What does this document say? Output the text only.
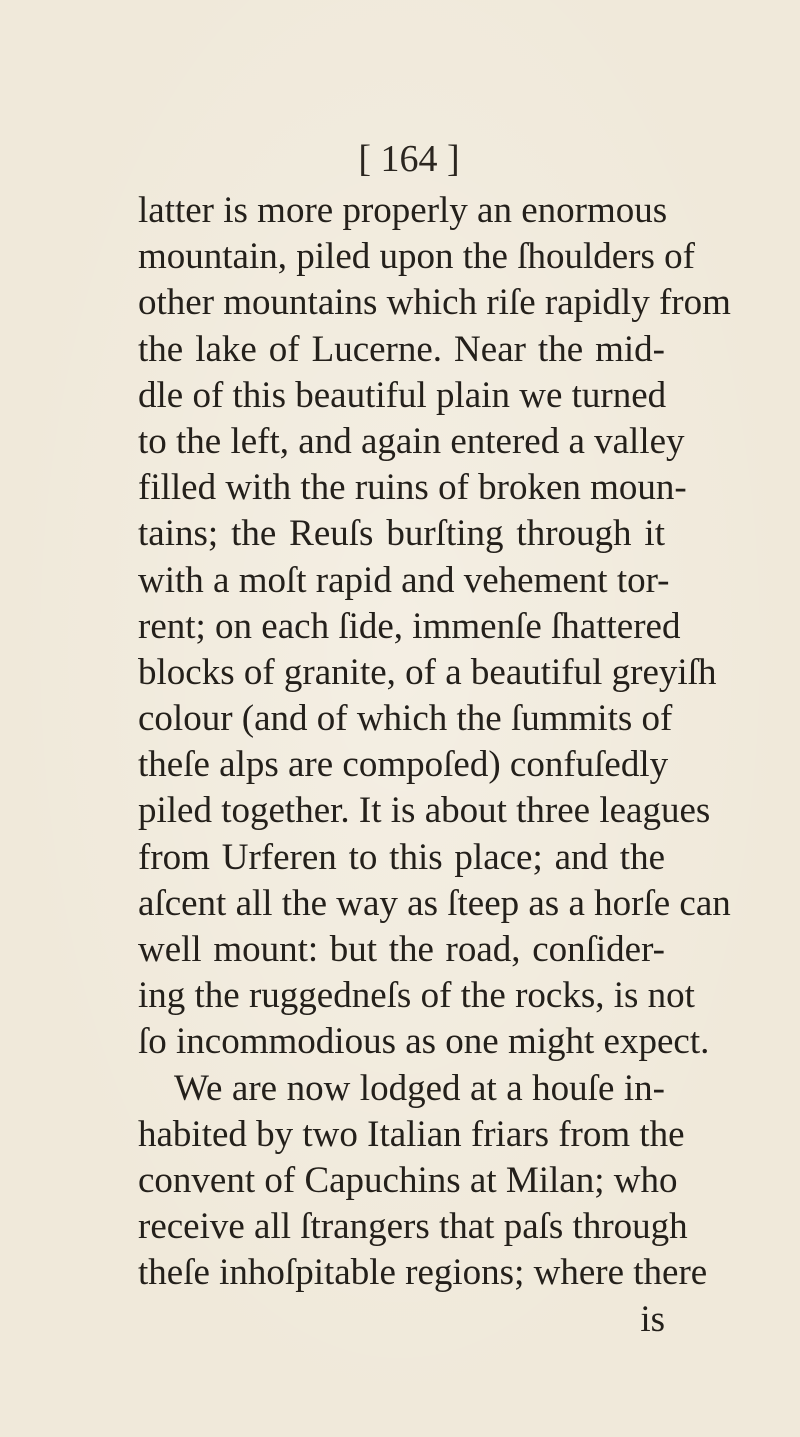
[ 164 ]
latter is more properly an enormous
mountain, piled upon the ſhoulders of
other mountains which riſe rapidly from
the lake of Lucerne. Near the mid-
dle of this beautiful plain we turned
to the left, and again entered a valley
filled with the ruins of broken moun-
tains; the Reuſs burſting through it
with a moſt rapid and vehement tor-
rent; on each ſide, immenſe ſhattered
blocks of granite, of a beautiful greyiſh
colour (and of which the ſummits of
theſe alps are compoſed) confuſedly
piled together. It is about three leagues
from Urferen to this place; and the
aſcent all the way as ſteep as a horſe can
well mount: but the road, conſider-
ing the ruggedneſs of the rocks, is not
ſo incommodious as one might expect.
We are now lodged at a houſe in-
habited by two Italian friars from the
convent of Capuchins at Milan; who
receive all ſtrangers that paſs through
theſe inhoſpitable regions; where there
is
